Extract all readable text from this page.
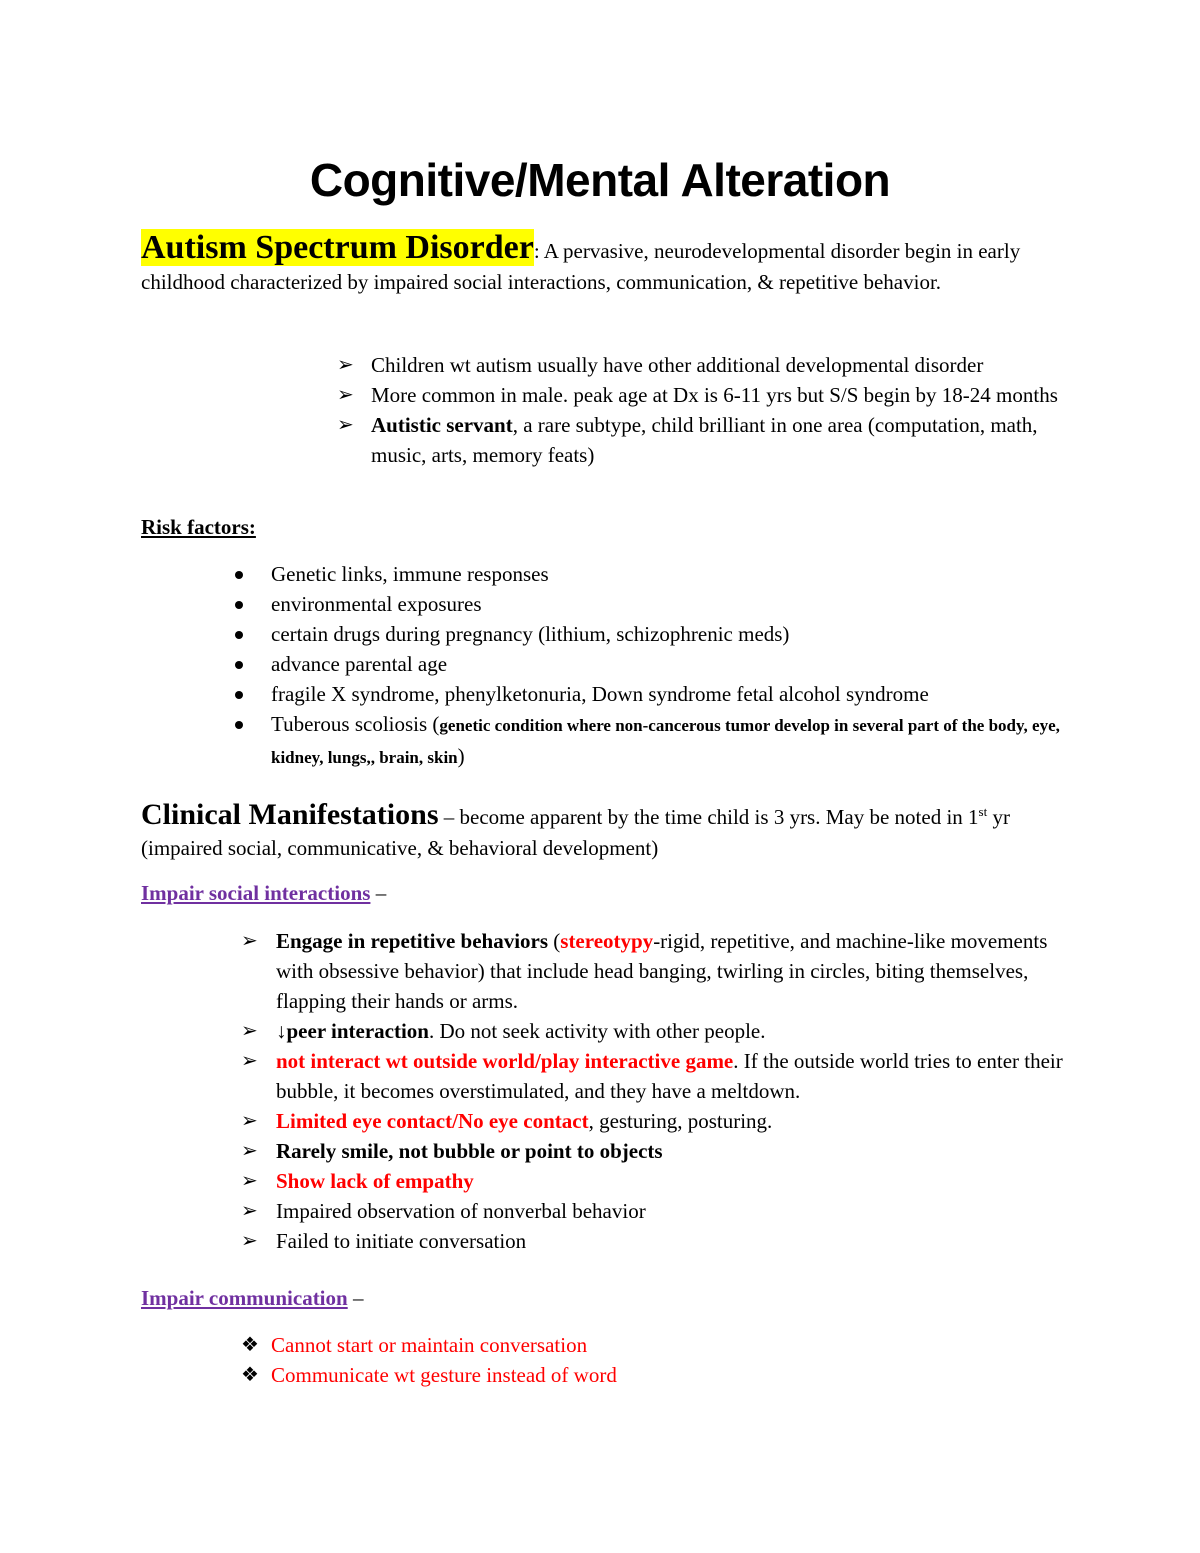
Cognitive/Mental Alteration
Autism Spectrum Disorder: A pervasive, neurodevelopmental disorder begin in early childhood characterized by impaired social interactions, communication, & repetitive behavior.
➢ Children wt autism usually have other additional developmental disorder
➢ More common in male. peak age at Dx is 6-11 yrs but S/S begin by 18-24 months
➢ Autistic servant, a rare subtype, child brilliant in one area (computation, math, music, arts, memory feats)
Risk factors:
Genetic links, immune responses
environmental exposures
certain drugs during pregnancy (lithium, schizophrenic meds)
advance parental age
fragile X syndrome, phenylketonuria, Down syndrome fetal alcohol syndrome
Tuberous scoliosis (genetic condition where non-cancerous tumor develop in several part of the body, eye, kidney, lungs,, brain, skin)
Clinical Manifestations – become apparent by the time child is 3 yrs. May be noted in 1st yr (impaired social, communicative, & behavioral development)
Impair social interactions –
➢ Engage in repetitive behaviors (stereotypy-rigid, repetitive, and machine-like movements with obsessive behavior) that include head banging, twirling in circles, biting themselves, flapping their hands or arms.
➢ ↓peer interaction. Do not seek activity with other people.
➢ not interact wt outside world/play interactive game. If the outside world tries to enter their bubble, it becomes overstimulated, and they have a meltdown.
➢ Limited eye contact/No eye contact, gesturing, posturing.
➢ Rarely smile, not bubble or point to objects
➢ Show lack of empathy
➢ Impaired observation of nonverbal behavior
➢ Failed to initiate conversation
Impair communication –
❖ Cannot start or maintain conversation
❖ Communicate wt gesture instead of word
